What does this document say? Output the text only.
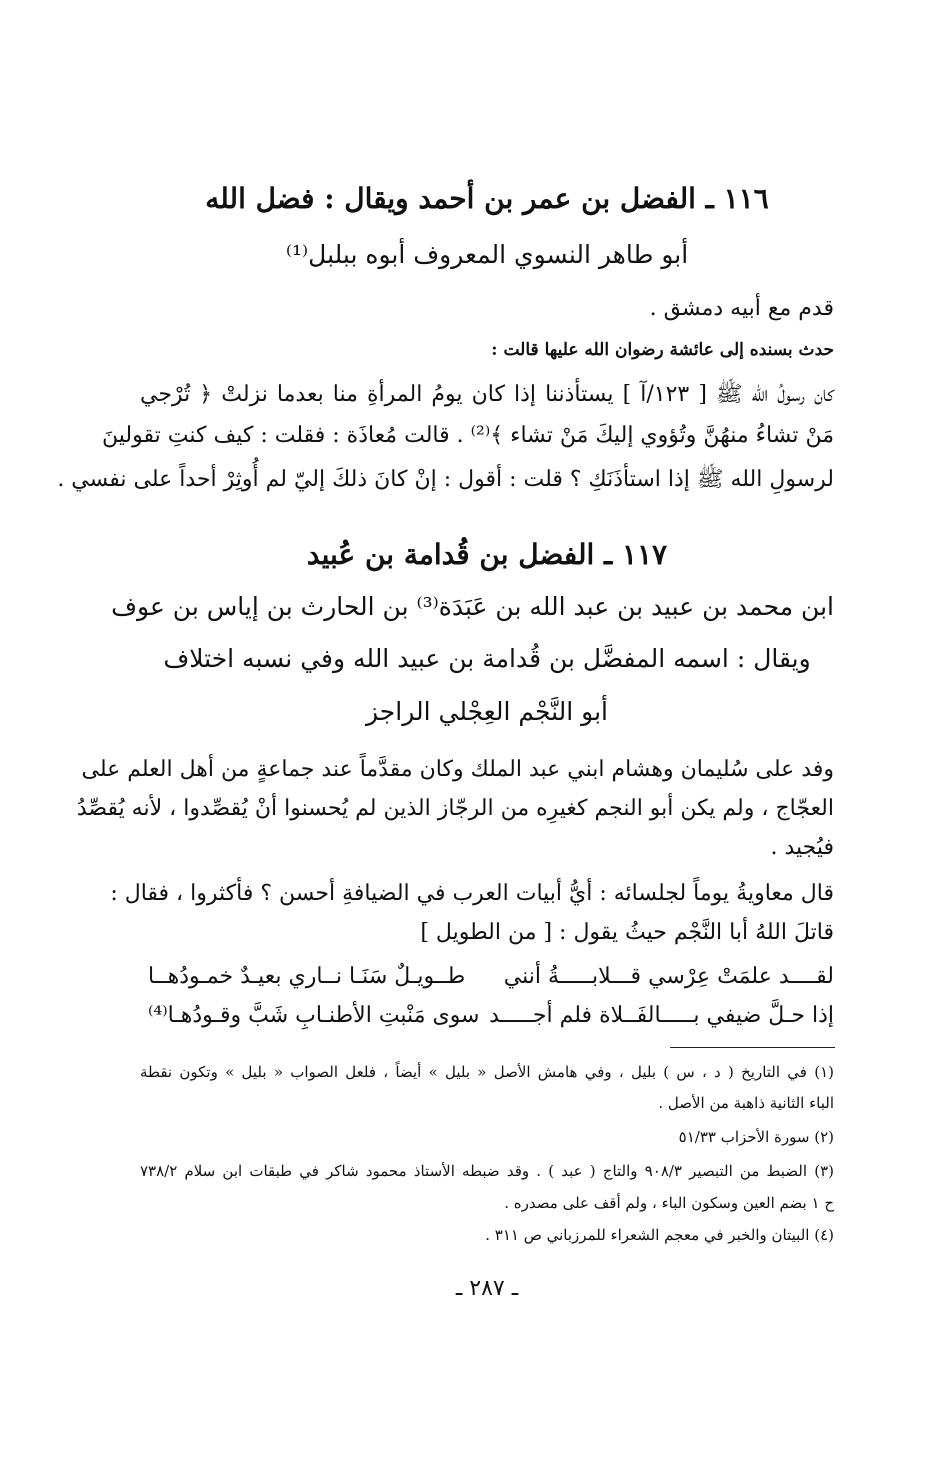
١١٦ ـ الفضل بن عمر بن أحمد ويقال : فضل الله
أبو طاهر النسوي المعروف أبوه ببلبل⁽¹⁾
قدم مع أبيه دمشق .
حدث بسنده إلى عائشة رضوان الله عليها قالت :
كان رسولُ الله ﷺ [ ١٢٣/آ ] يستأذننا إذا كان يومُ المرأةِ منا بعدما نزلتْ ﴿ تُرْجي
مَنْ تشاءُ منهُنَّ وتُؤوي إليكَ مَنْ تشاء ﴾⁽²⁾ . قالت مُعاذَة : فقلت : كيف كنتِ تقولينَ
لرسولِ الله ﷺ إذا استأذَنَكِ ؟ قلت : أقول : إنْ كانَ ذلكَ إليّ لم أُوثِرْ أحداً على نفسي .
١١٧ ـ الفضل بن قُدامة بن عُبيد
ابن محمد بن عبيد بن عبد الله بن عَبَدَة⁽³⁾ بن الحارث بن إياس بن عوف
ويقال : اسمه المفضَّل بن قُدامة بن عبيد الله وفي نسبه اختلاف
أبو النَّجْم العِجْلي الراجز
وفد على سُليمان وهشام ابني عبد الملك وكان مقدَّماً عند جماعةٍ من أهل العلم على
العجّاج ، ولم يكن أبو النجم كغيرِه من الرجّاز الذين لم يُحسنوا أنْ يُقصِّدوا ، لأنه يُقصِّدُ
فيُجيد .
قال معاويةُ يوماً لجلسائه : أيُّ أبيات العرب في الضيافةِ أحسن ؟ فأكثروا ، فقال :
قاتلَ اللهُ أبا النَّجْم حيثُ يقول : [ من الطويل ]
لقــــد علمَتْ عِرْسي قـــلابـــــةُ أنني
طــويـلٌ سَنَـا نــاري بعيـدٌ خمـودُهــا
إذا حـلَّ ضيفي بـــــالفَــلاة فلم أجـــــد
سوى مَنْبتِ الأطنـابِ شَبَّ وقـودُهـا⁽⁴⁾
(١) في التاريخ ( د ، س ) بليل ، وفي هامش الأصل « بليل » أيضاً ، فلعل الصواب « بليل » وتكون نقطة
الباء الثانية ذاهبة من الأصل .
(٢) سورة الأحزاب ٥١/٣٣
(٣) الضبط من التبصير ٩٠٨/٣ والتاج ( عبد ) . وقد ضبطه الأستاذ محمود شاكر في طبقات ابن سلام ٧٣٨/٢
ح ١ بضم العين وسكون الباء ، ولم أقف على مصدره .
(٤) البيتان والخبر في معجم الشعراء للمرزباني ص ٣١١ .
ـ ٢٨٧ ـ
